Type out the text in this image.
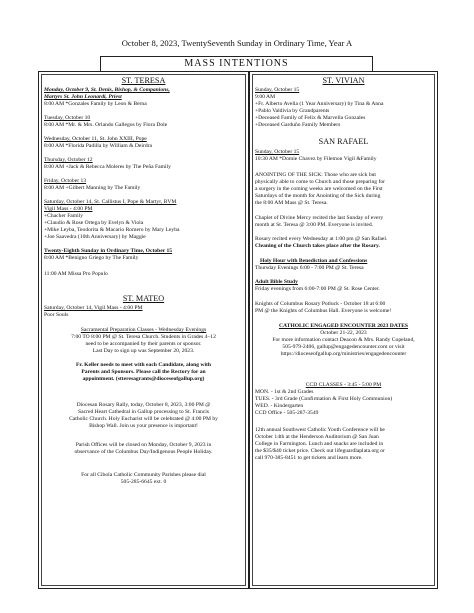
October 8, 2023, TwentySeventh Sunday in Ordinary Time, Year A
MASS INTENTIONS
ST. TERESA
Monday, October 9, St. Denis, Bishop, & Companions,
Martyrs St. John Leonardi, Priest
8:00 AM *Gonzales Family by Leon & Berna
Tuesday, October 10
8:00 AM *Mr. & Mrs. Orlando Gallegos by Flora Dole
Wednesday, October 11, St. John XXIII, Pope
8:00 AM *Florida Padilla by William & Deirdra
Thursday, October 12
8:00 AM +Jack & Rebecca Moleres by The Peña Family
Friday, October 13
8:00 AM +Gilbert Manning by The Family
Saturday, October 14, St. Callistus I, Pope & Martyr, BVM
Vigil Mass - 4:00 PM
+Chacher Family
+Claudio & Rose Ortega by Evelyn & Viola
+Mike Leyba, Teodorita & Macario Romero by Mary Leyba
+Joe Saavedra (10th Anniversary) by Maggie
Twenty-Eighth Sunday in Ordinary Time, October 15
8:00 AM *Benigno Griego by The Family
11:00 AM Missa Pro Populo
ST. MATEO
Saturday, October 14, Vigil Mass - 4:00 PM
Poor Souls
Sacramental Preparation Classes - Wednesday Evenings
7:00 TO 8:00 PM @ St. Teresa Church. Students in Grades 4–12
need to be accompanied by their parents or sponsor.
Last Day to sign up was September 20, 2023.
Fr. Keller needs to meet with each Candidate, along with
Parents and Sponsors. Please call the Rectory for an
appointment. (stteresagrants@dioceseofgallup.org)
Diocesan Rosary Rally, today, October 8, 2023, 3:00 PM @
Sacred Heart Cathedral in Gallup processing to St. Francis
Catholic Church. Holy Eucharist will be celebrated @ 4:00 PM by
Bishop Wall. Join us your presence is important!
Parish Offices will be closed on Monday, October 9, 2023 in
observance of the Columbus Day/Indigenous People Holiday.
For all Cibola Catholic Community Parishes please dial
505-285-6645 ext. 0
ST. VIVIAN
Sunday, October 15
9:00 AM
+Fr. Alberto Avella (1 Year Anniversary) by Tina & Anna
+Pablo Valdivia by Grandparents
+Deceased Family of Felix & Marvella Gonzales
+Deceased Garduño Family Members
SAN RAFAEL
Sunday, October 15
10:30 AM *Domie Chavez by Filemon Vigil &Family
ANOINTING OF THE SICK: Those who are sick but
physically able to come to Church and those preparing for
a surgery in the coming weeks are welcomed on the First
Saturdays of the month for Anointing of the Sick during
the 8:00 AM Mass @ St. Teresa.
Chaplet of Divine Mercy recited the last Sunday of every
month at St. Teresa @ 3:00 PM. Everyone is invited.
Rosary recited every Wednesday at 1:00 pm @ San Rafael.
Cleaning of the Church takes place after the Rosary.
Holy Hour with Benediction and Confessions
Thursday Evenings 6:00 - 7:00 PM @ St. Teresa
Adult Bible Study
Friday evenings from 6:00-7:00 PM @ St. Rose Center.
Knights of Columbus Rosary Potluck - October 18 at 6:00
PM @ the Knights of Columbus Hall. Everyone is welcome!
CATHOLIC ENGAGED ENCOUNTER 2023 DATES
October 21-22, 2023
For more information contact Deacon & Mrs. Randy Copeland,
505-979-2406, gallup@engagedencounter.com or visit
https://dioceseofgallup.org/ministries/engagedencounter
CCD CLASSES - 3:45 - 5:00 PM
MON. - 1st & 2nd Grades
TUES. - 3rd Grade (Confirmation & First Holy Communion)
WED. - Kindergarten
CCD Office - 505-287-3549
12th annual Southwest Catholic Youth Conference will be
October 14th at the Henderson Auditorium @ San Juan
College in Farmington. Lunch and snacks are included in
the $35/$40 ticket price. Check out lifeguardlaplata.org or
call 970-385-8451 to get tickets and learn more.
